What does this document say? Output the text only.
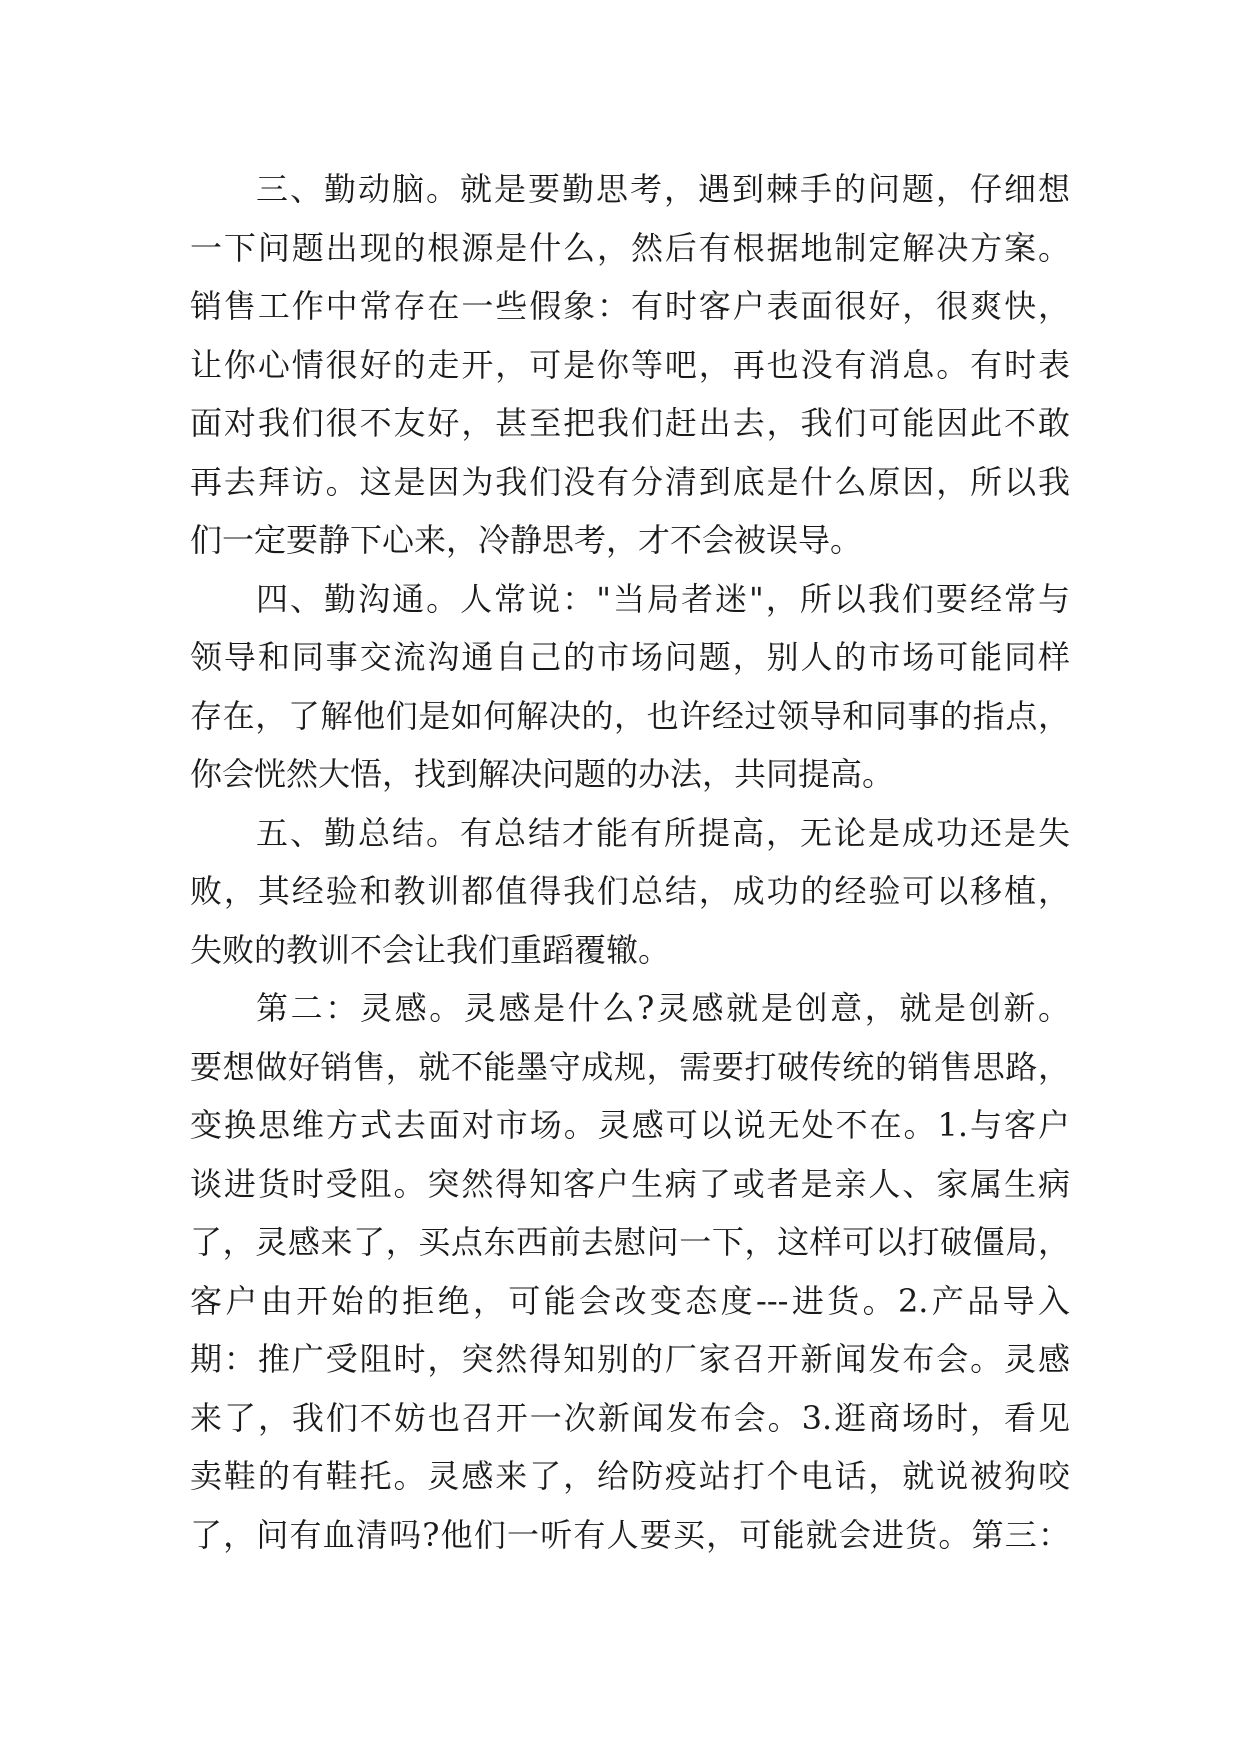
三、勤动脑。就是要勤思考，遇到棘手的问题，仔细想
一下问题出现的根源是什么，然后有根据地制定解决方案。
销售工作中常存在一些假象：有时客户表面很好，很爽快，
让你心情很好的走开，可是你等吧，再也没有消息。有时表
面对我们很不友好，甚至把我们赶出去，我们可能因此不敢
再去拜访。这是因为我们没有分清到底是什么原因，所以我
们一定要静下心来，冷静思考，才不会被误导。
四、勤沟通。人常说："当局者迷"，所以我们要经常与
领导和同事交流沟通自己的市场问题，别人的市场可能同样
存在，了解他们是如何解决的，也许经过领导和同事的指点，
你会恍然大悟，找到解决问题的办法，共同提高。
五、勤总结。有总结才能有所提高，无论是成功还是失
败，其经验和教训都值得我们总结，成功的经验可以移植，
失败的教训不会让我们重蹈覆辙。
第二：灵感。灵感是什么?灵感就是创意，就是创新。
要想做好销售，就不能墨守成规，需要打破传统的销售思路，
变换思维方式去面对市场。灵感可以说无处不在。1.与客户
谈进货时受阻。突然得知客户生病了或者是亲人、家属生病
了，灵感来了，买点东西前去慰问一下，这样可以打破僵局，
客户由开始的拒绝，可能会改变态度---进货。2.产品导入
期：推广受阻时，突然得知别的厂家召开新闻发布会。灵感
来了，我们不妨也召开一次新闻发布会。3.逛商场时，看见
卖鞋的有鞋托。灵感来了，给防疫站打个电话，就说被狗咬
了，问有血清吗?他们一听有人要买，可能就会进货。第三：
